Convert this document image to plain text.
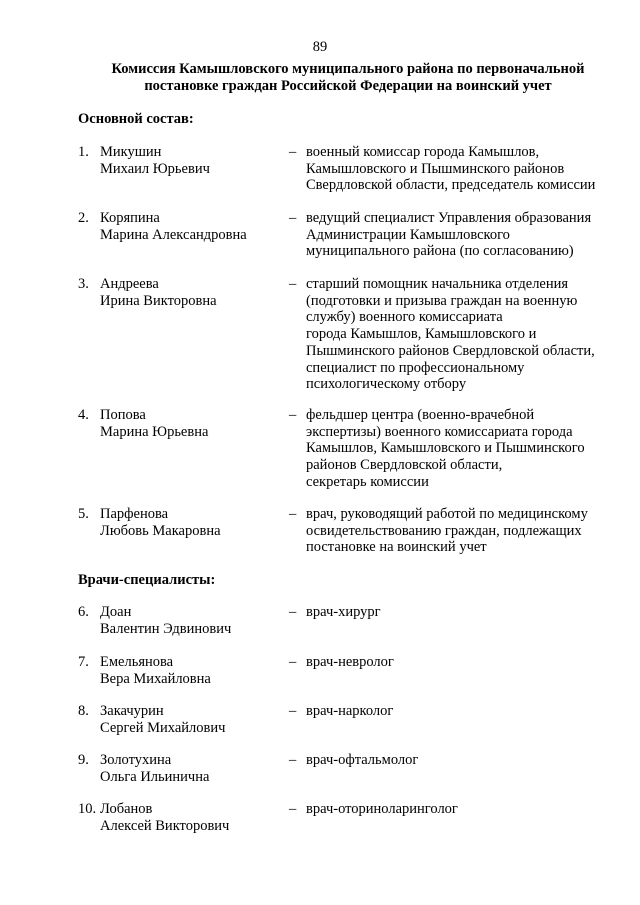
89
Комиссия Камышловского муниципального района по первоначальной
постановке граждан Российской Федерации на воинский учет
Основной состав:
1. Микушин
Михаил Юрьевич
– военный комиссар города Камышлов,
Камышловского и Пышминского районов
Свердловской области, председатель комиссии
2. Коряпина
Марина Александровна
– ведущий специалист Управления образования
Администрации Камышловского
муниципального района (по согласованию)
3. Андреева
Ирина Викторовна
– старший помощник начальника отделения
(подготовки и призыва граждан на военную
службу) военного комиссариата
города Камышлов, Камышловского и
Пышминского районов Свердловской области,
специалист по профессиональному
психологическому отбору
4. Попова
Марина Юрьевна
– фельдшер центра (военно-врачебной
экспертизы) военного комиссариата города
Камышлов, Камышловского и Пышминского
районов Свердловской области,
секретарь комиссии
5. Парфенова
Любовь Макаровна
– врач, руководящий работой по медицинскому
освидетельствованию граждан, подлежащих
постановке на воинский учет
Врачи-специалисты:
6. Доан
Валентин Эдвинович
– врач-хирург
7. Емельянова
Вера Михайловна
– врач-невролог
8. Закачурин
Сергей Михайлович
– врач-нарколог
9. Золотухина
Ольга Ильинична
– врач-офтальмолог
10. Лобанов
Алексей Викторович
– врач-оториноларинголог
